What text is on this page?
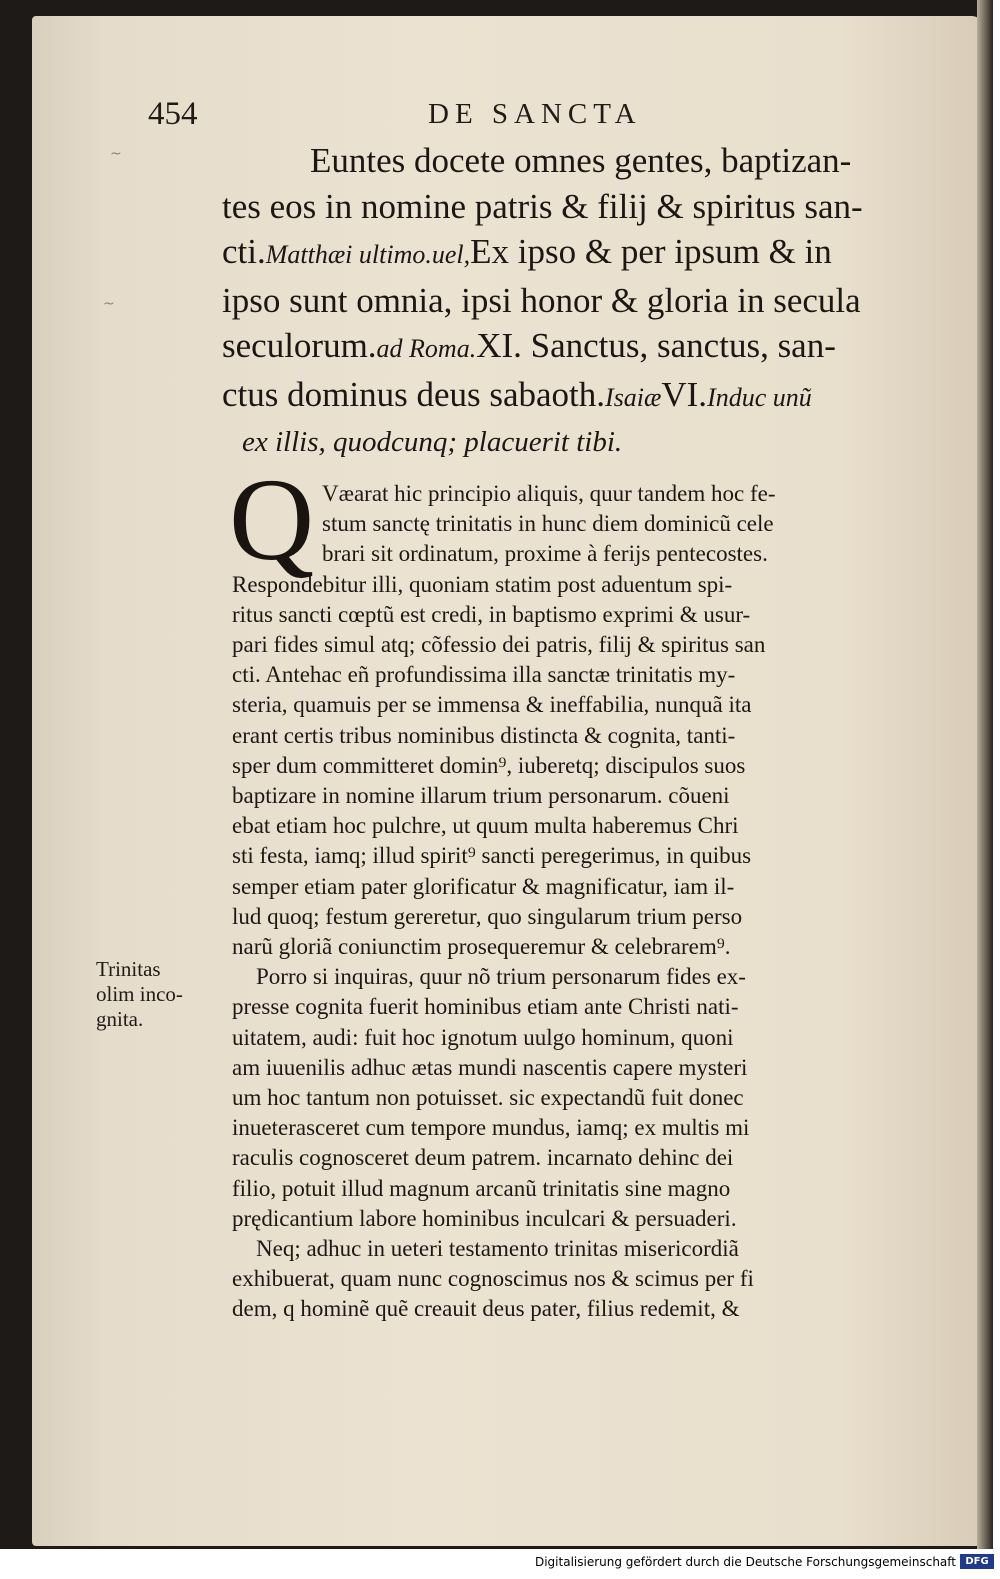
454	DE SANCTA
~
~

Euntes docete omnes gentes, baptizan-

tes eos in nomine patris & filij & spiritus san-

cti.Matthæi ultimo.uel,Ex ipso & per ipsum & in

ipso sunt omnia, ipsi honor & gloria in secula

seculorum.ad Roma.XI. Sanctus, sanctus, san-

ctus dominus deus sabaoth.IsaiæVI.Induc unũ

ex illis, quodcunq; placuerit tibi.

Q Væarat hic principio aliquis, quur tandem hoc fe-

stum sanctę trinitatis in hunc diem dominicũ cele

brari sit ordinatum, proxime à ferijs pentecostes.

Respondebitur illi, quoniam statim post aduentum spi-

ritus sancti cœptũ est credi, in baptismo exprimi & usur-

pari fides simul atq; cõfessio dei patris, filij & spiritus san

cti. Antehac eñ profundissima illa sanctæ trinitatis my-

steria, quamuis per se immensa & ineffabilia, nunquã ita

erant certis tribus nominibus distincta & cognita, tanti-

sper dum committeret domin⁹, iuberetq; discipulos suos

baptizare in nomine illarum trium personarum. cõueni

ebat etiam hoc pulchre, ut quum multa haberemus Chri

sti festa, iamq; illud spirit⁹ sancti peregerimus, in quibus

semper etiam pater glorificatur & magnificatur, iam il-

lud quoq; festum gereretur, quo singularum trium perso

narũ gloriã coniunctim prosequeremur & celebrarem⁹.

Porro si inquiras, quur nõ trium personarum fides ex-

presse cognita fuerit hominibus etiam ante Christi nati-

uitatem, audi: fuit hoc ignotum uulgo hominum, quoni

am iuuenilis adhuc ætas mundi nascentis capere mysteri

um hoc tantum non potuisset. sic expectandũ fuit donec

inueterasceret cum tempore mundus, iamq; ex multis mi

raculis cognosceret deum patrem. incarnato dehinc dei

filio, potuit illud magnum arcanũ trinitatis sine magno

prędicantium labore hominibus inculcari & persuaderi.

Neq; adhuc in ueteri testamento trinitas misericordiã

exhibuerat, quam nunc cognoscimus nos & scimus per fi

dem, q hominẽ quẽ creauit deus pater, filius redemit, &

Trinitas
olim inco-
gnita.
Digitalisierung gefördert durch die Deutsche Forschungsgemeinschaft DFG
